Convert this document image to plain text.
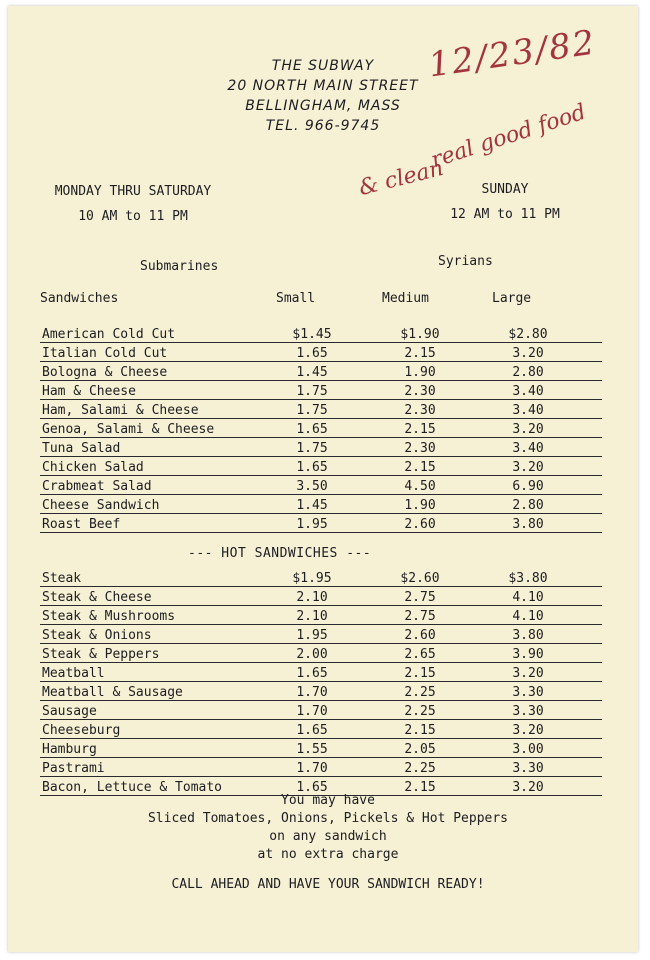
THE SUBWAY
20 NORTH MAIN STREET
BELLINGHAM, MASS
TEL. 966-9745
12/23/82
real good food
& clean
MONDAY THRU SATURDAY
10 AM to 11 PM
SUNDAY
12 AM to 11 PM
Submarines	Syrians
Sandwiches	Small	Medium	Large
American Cold Cut	$1.45	$1.90	$2.80
Italian Cold Cut	1.65	2.15	3.20
Bologna & Cheese	1.45	1.90	2.80
Ham & Cheese	1.75	2.30	3.40
Ham, Salami & Cheese	1.75	2.30	3.40
Genoa, Salami & Cheese	1.65	2.15	3.20
Tuna Salad	1.75	2.30	3.40
Chicken Salad	1.65	2.15	3.20
Crabmeat Salad	3.50	4.50	6.90
Cheese Sandwich	1.45	1.90	2.80
Roast Beef	1.95	2.60	3.80
--- HOT SANDWICHES ---
Steak	$1.95	$2.60	$3.80
Steak & Cheese	2.10	2.75	4.10
Steak & Mushrooms	2.10	2.75	4.10
Steak & Onions	1.95	2.60	3.80
Steak & Peppers	2.00	2.65	3.90
Meatball	1.65	2.15	3.20
Meatball & Sausage	1.70	2.25	3.30
Sausage	1.70	2.25	3.30
Cheeseburg	1.65	2.15	3.20
Hamburg	1.55	2.05	3.00
Pastrami	1.70	2.25	3.30
Bacon, Lettuce & Tomato	1.65	2.15	3.20
You may have
Sliced Tomatoes, Onions, Pickels & Hot Peppers
on any sandwich
at no extra charge
CALL AHEAD AND HAVE YOUR SANDWICH READY!
